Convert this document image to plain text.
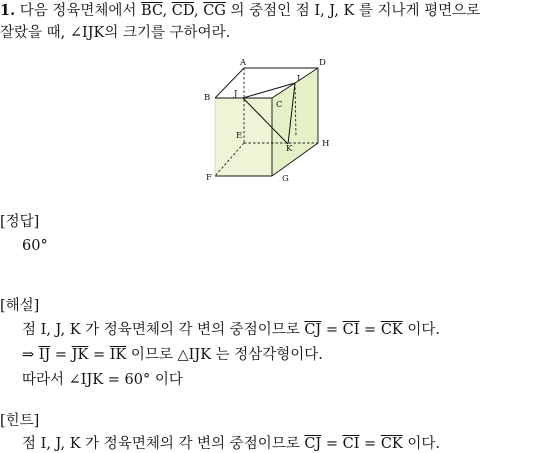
1. 다음 정육면체에서 $\overline{BC}$, $\overline{CD}$, $\overline{CG}$ 의 중점인 점 I, J, K 를 지나게 평면으로
잘랐을 때, ∠IJK의 크기를 구하여라.
A	D
B	J
I
C
E
H
K
F	G
[정답]
60°
[해설]
점 I, J, K 가 정육면체의 각 변의 중점이므로 $\overline{CJ} = \overline{CI} = \overline{CK}$ 이다.
⇒ $\overline{IJ} = \overline{JK} = \overline{IK}$ 이므로 △IJK 는 정삼각형이다.
따라서 ∠IJK = 60° 이다
[힌트]
점 I, J, K 가 정육면체의 각 변의 중점이므로 $\overline{CJ} = \overline{CI} = \overline{CK}$ 이다.
